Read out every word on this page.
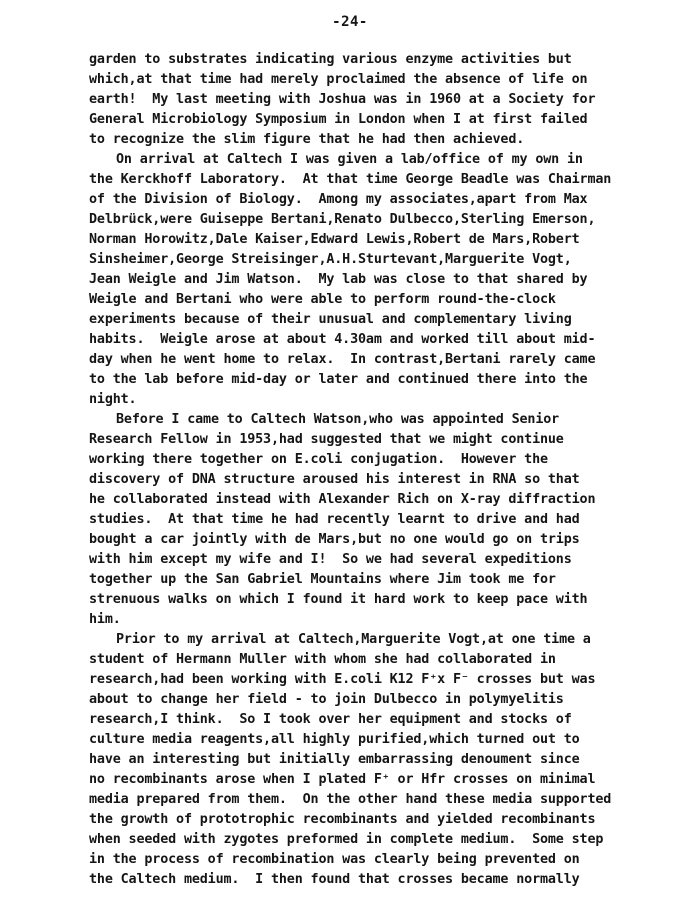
-24-
garden to substrates indicating various enzyme activities but
which,at that time had merely proclaimed the absence of life on
earth!  My last meeting with Joshua was in 1960 at a Society for
General Microbiology Symposium in London when I at first failed
to recognize the slim figure that he had then achieved.
On arrival at Caltech I was given a lab/office of my own in
the Kerckhoff Laboratory.  At that time George Beadle was Chairman
of the Division of Biology.  Among my associates,apart from Max
Delbrück,were Guiseppe Bertani,Renato Dulbecco,Sterling Emerson,
Norman Horowitz,Dale Kaiser,Edward Lewis,Robert de Mars,Robert
Sinsheimer,George Streisinger,A.H.Sturtevant,Marguerite Vogt,
Jean Weigle and Jim Watson.  My lab was close to that shared by
Weigle and Bertani who were able to perform round-the-clock
experiments because of their unusual and complementary living
habits.  Weigle arose at about 4.30am and worked till about mid-
day when he went home to relax.  In contrast,Bertani rarely came
to the lab before mid-day or later and continued there into the
night.
Before I came to Caltech Watson,who was appointed Senior
Research Fellow in 1953,had suggested that we might continue
working there together on E.coli conjugation.  However the
discovery of DNA structure aroused his interest in RNA so that
he collaborated instead with Alexander Rich on X-ray diffraction
studies.  At that time he had recently learnt to drive and had
bought a car jointly with de Mars,but no one would go on trips
with him except my wife and I!  So we had several expeditions
together up the San Gabriel Mountains where Jim took me for
strenuous walks on which I found it hard work to keep pace with
him.
Prior to my arrival at Caltech,Marguerite Vogt,at one time a
student of Hermann Muller with whom she had collaborated in
research,had been working with E.coli K12 F⁺x F⁻ crosses but was
about to change her field - to join Dulbecco in polymyelitis
research,I think.  So I took over her equipment and stocks of
culture media reagents,all highly purified,which turned out to
have an interesting but initially embarrassing denoument since
no recombinants arose when I plated F⁺ or Hfr crosses on minimal
media prepared from them.  On the other hand these media supported
the growth of prototrophic recombinants and yielded recombinants
when seeded with zygotes preformed in complete medium.  Some step
in the process of recombination was clearly being prevented on
the Caltech medium.  I then found that crosses became normally
